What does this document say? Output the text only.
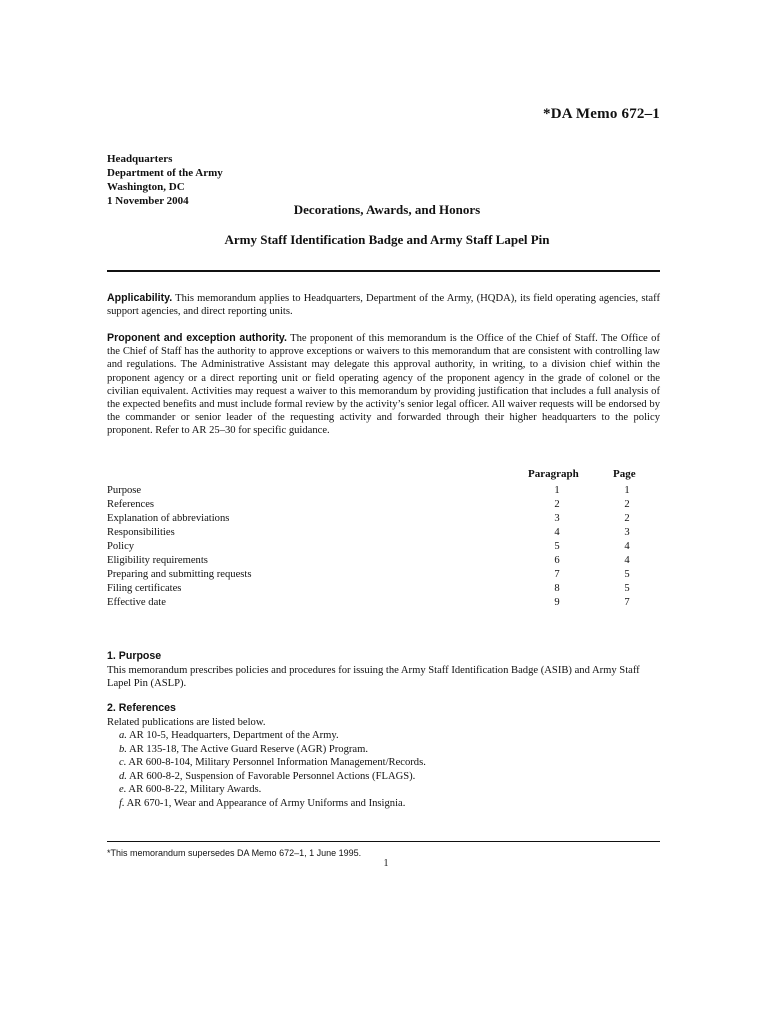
*DA Memo 672–1
Headquarters
Department of the Army
Washington, DC
1 November 2004
Decorations, Awards, and Honors
Army Staff Identification Badge and Army Staff Lapel Pin
Applicability. This memorandum applies to Headquarters, Department of the Army, (HQDA), its field operating agencies, staff support agencies, and direct reporting units.
Proponent and exception authority. The proponent of this memorandum is the Office of the Chief of Staff. The Office of the Chief of Staff has the authority to approve exceptions or waivers to this memorandum that are consistent with controlling law and regulations. The Administrative Assistant may delegate this approval authority, in writing, to a division chief within the proponent agency or a direct reporting unit or field operating agency of the proponent agency in the grade of colonel or the civilian equivalent. Activities may request a waiver to this memorandum by providing justification that includes a full analysis of the expected benefits and must include formal review by the activity’s senior legal officer. All waiver requests will be endorsed by the commander or senior leader of the requesting activity and forwarded through their higher headquarters to the policy proponent. Refer to AR 25–30 for specific guidance.
Paragraph	Page
Purpose .....	1	1
References .....	2	2
Explanation of abbreviations .....	3	2
Responsibilities .....	4	3
Policy .....	5	4
Eligibility requirements .....	6	4
Preparing and submitting requests .....	7	5
Filing certificates .....	8	5
Effective date .....	9	7
1. Purpose
This memorandum prescribes policies and procedures for issuing the Army Staff Identification Badge (ASIB) and Army Staff Lapel Pin (ASLP).
2. References
Related publications are listed below.
a. AR 10-5, Headquarters, Department of the Army.
b. AR 135-18, The Active Guard Reserve (AGR) Program.
c. AR 600-8-104, Military Personnel Information Management/Records.
d. AR 600-8-2, Suspension of Favorable Personnel Actions (FLAGS).
e. AR 600-8-22, Military Awards.
f. AR 670-1, Wear and Appearance of Army Uniforms and Insignia.
*This memorandum supersedes DA Memo 672–1, 1 June 1995.
1
